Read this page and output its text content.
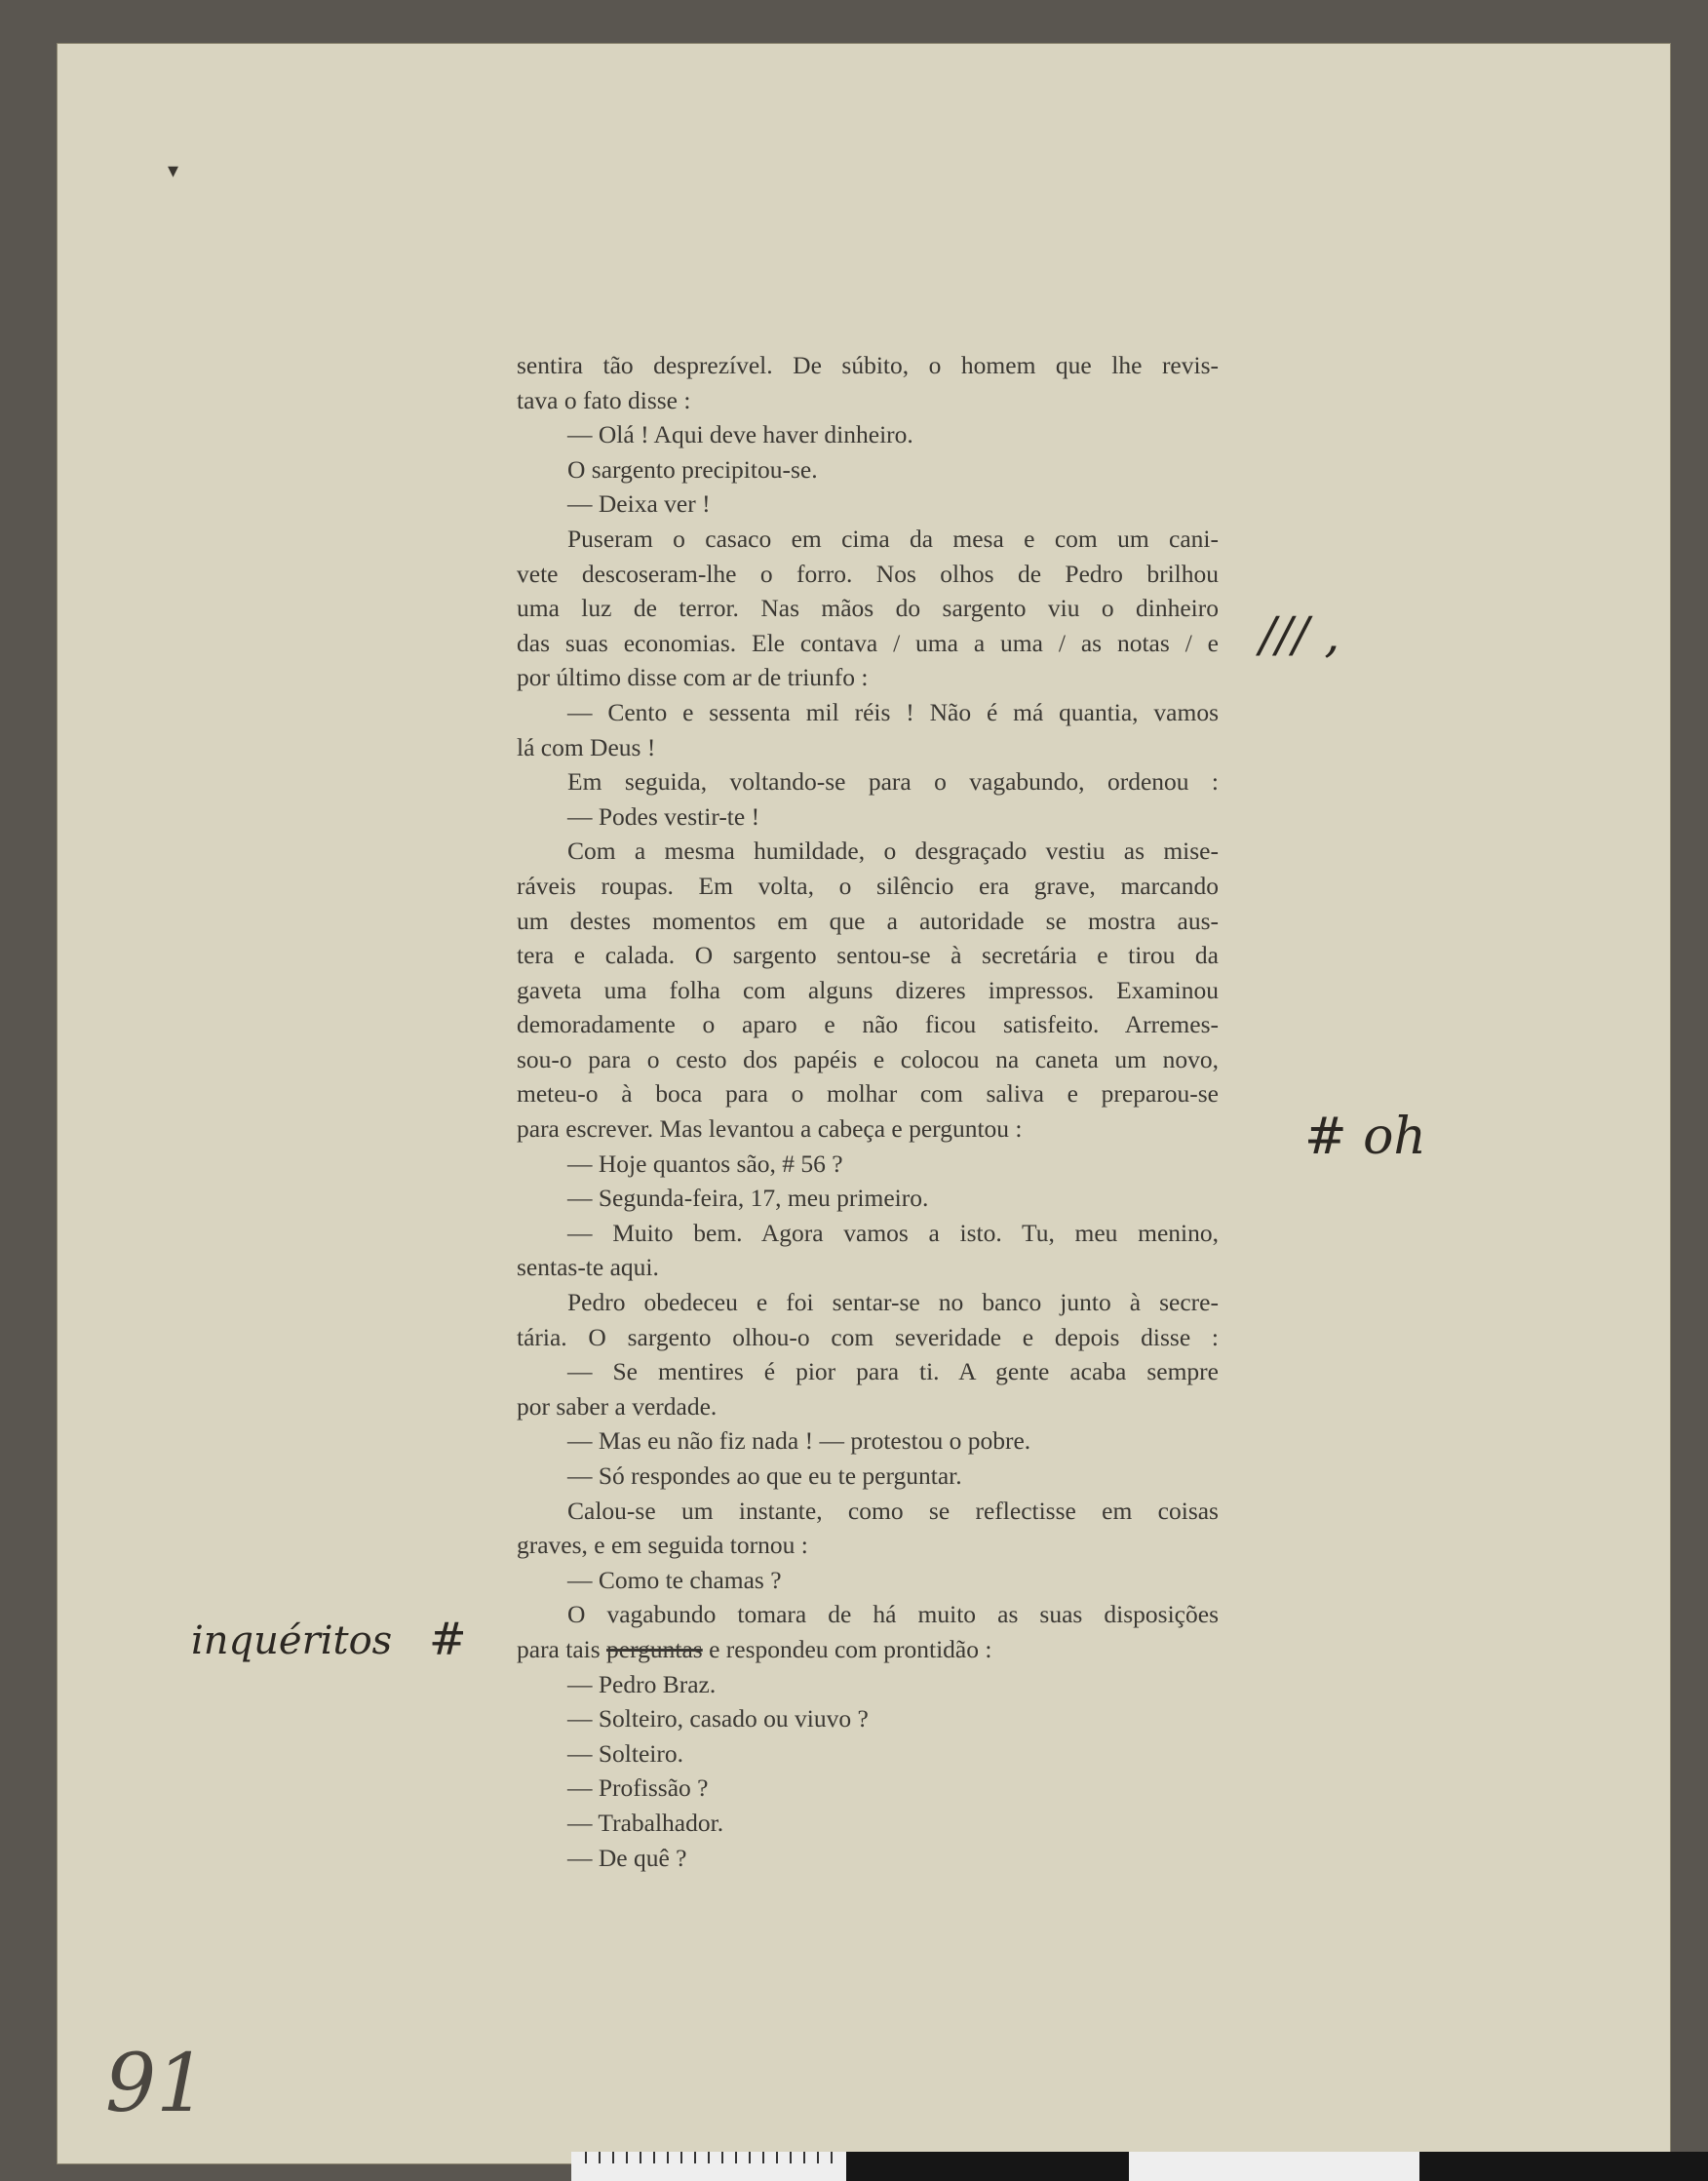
▾
sentira tão desprezível. De súbito, o homem que lhe revis-
tava o fato disse :
— Olá ! Aqui deve haver dinheiro.
O sargento precipitou-se.
— Deixa ver !
Puseram o casaco em cima da mesa e com um cani-
vete descoseram-lhe o forro. Nos olhos de Pedro brilhou
uma luz de terror. Nas mãos do sargento viu o dinheiro
das suas economias. Ele contava / uma a uma / as notas / e
por último disse com ar de triunfo :
— Cento e sessenta mil réis ! Não é má quantia, vamos
lá com Deus !
Em seguida, voltando-se para o vagabundo, ordenou :
— Podes vestir-te !
Com a mesma humildade, o desgraçado vestiu as mise-
ráveis roupas. Em volta, o silêncio era grave, marcando
um destes momentos em que a autoridade se mostra aus-
tera e calada. O sargento sentou-se à secretária e tirou da
gaveta uma folha com alguns dizeres impressos. Examinou
demoradamente o aparo e não ficou satisfeito. Arremes-
sou-o para o cesto dos papéis e colocou na caneta um novo,
meteu-o à boca para o molhar com saliva e preparou-se
para escrever. Mas levantou a cabeça e perguntou :
— Hoje quantos são, # 56 ?
— Segunda-feira, 17, meu primeiro.
— Muito bem. Agora vamos a isto. Tu, meu menino,
sentas-te aqui.
Pedro obedeceu e foi sentar-se no banco junto à secre-
tária. O sargento olhou-o com severidade e depois disse :
— Se mentires é pior para ti. A gente acaba sempre
por saber a verdade.
— Mas eu não fiz nada ! — protestou o pobre.
— Só respondes ao que eu te perguntar.
Calou-se um instante, como se reflectisse em coisas
graves, e em seguida tornou :
— Como te chamas ?
O vagabundo tomara de há muito as suas disposições
para tais perguntas e respondeu com prontidão :
— Pedro Braz.
— Solteiro, casado ou viuvo ?
— Solteiro.
— Profissão ?
— Trabalhador.
— De quê ?
/// ,
# oh
inquéritos #
91
